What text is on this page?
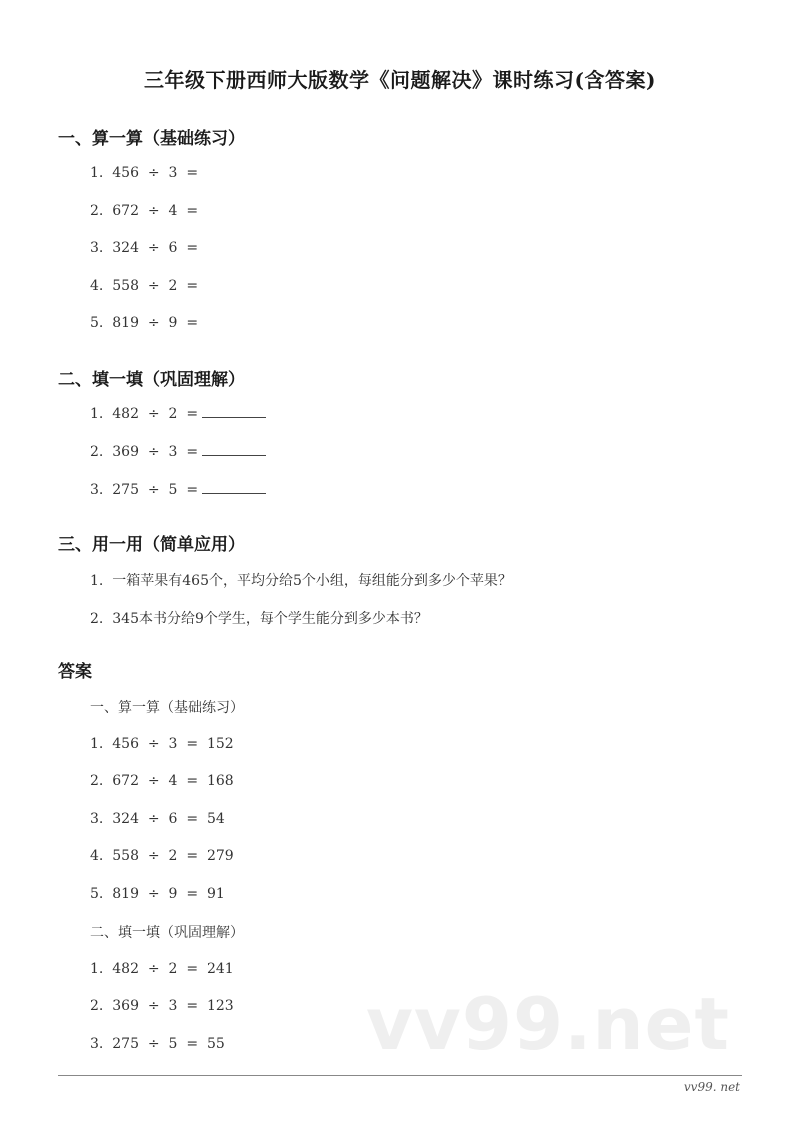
三年级下册西师大版数学《问题解决》课时练习(含答案)
一、算一算（基础练习）
1.  456  ÷  3  =
2.  672  ÷  4  =
3.  324  ÷  6  =
4.  558  ÷  2  =
5.  819  ÷  9  =
二、填一填（巩固理解）
1.  482  ÷  2  =
2.  369  ÷  3  =
3.  275  ÷  5  =
三、用一用（简单应用）
1.  一箱苹果有465个，平均分给5个小组，每组能分到多少个苹果？
2.  345本书分给9个学生，每个学生能分到多少本书？
答案
一、算一算（基础练习）
1.  456  ÷  3  =  152
2.  672  ÷  4  =  168
3.  324  ÷  6  =  54
4.  558  ÷  2  =  279
5.  819  ÷  9  =  91
二、填一填（巩固理解）
1.  482  ÷  2  =  241
2.  369  ÷  3  =  123
3.  275  ÷  5  =  55 vv99.net
vv99. net
